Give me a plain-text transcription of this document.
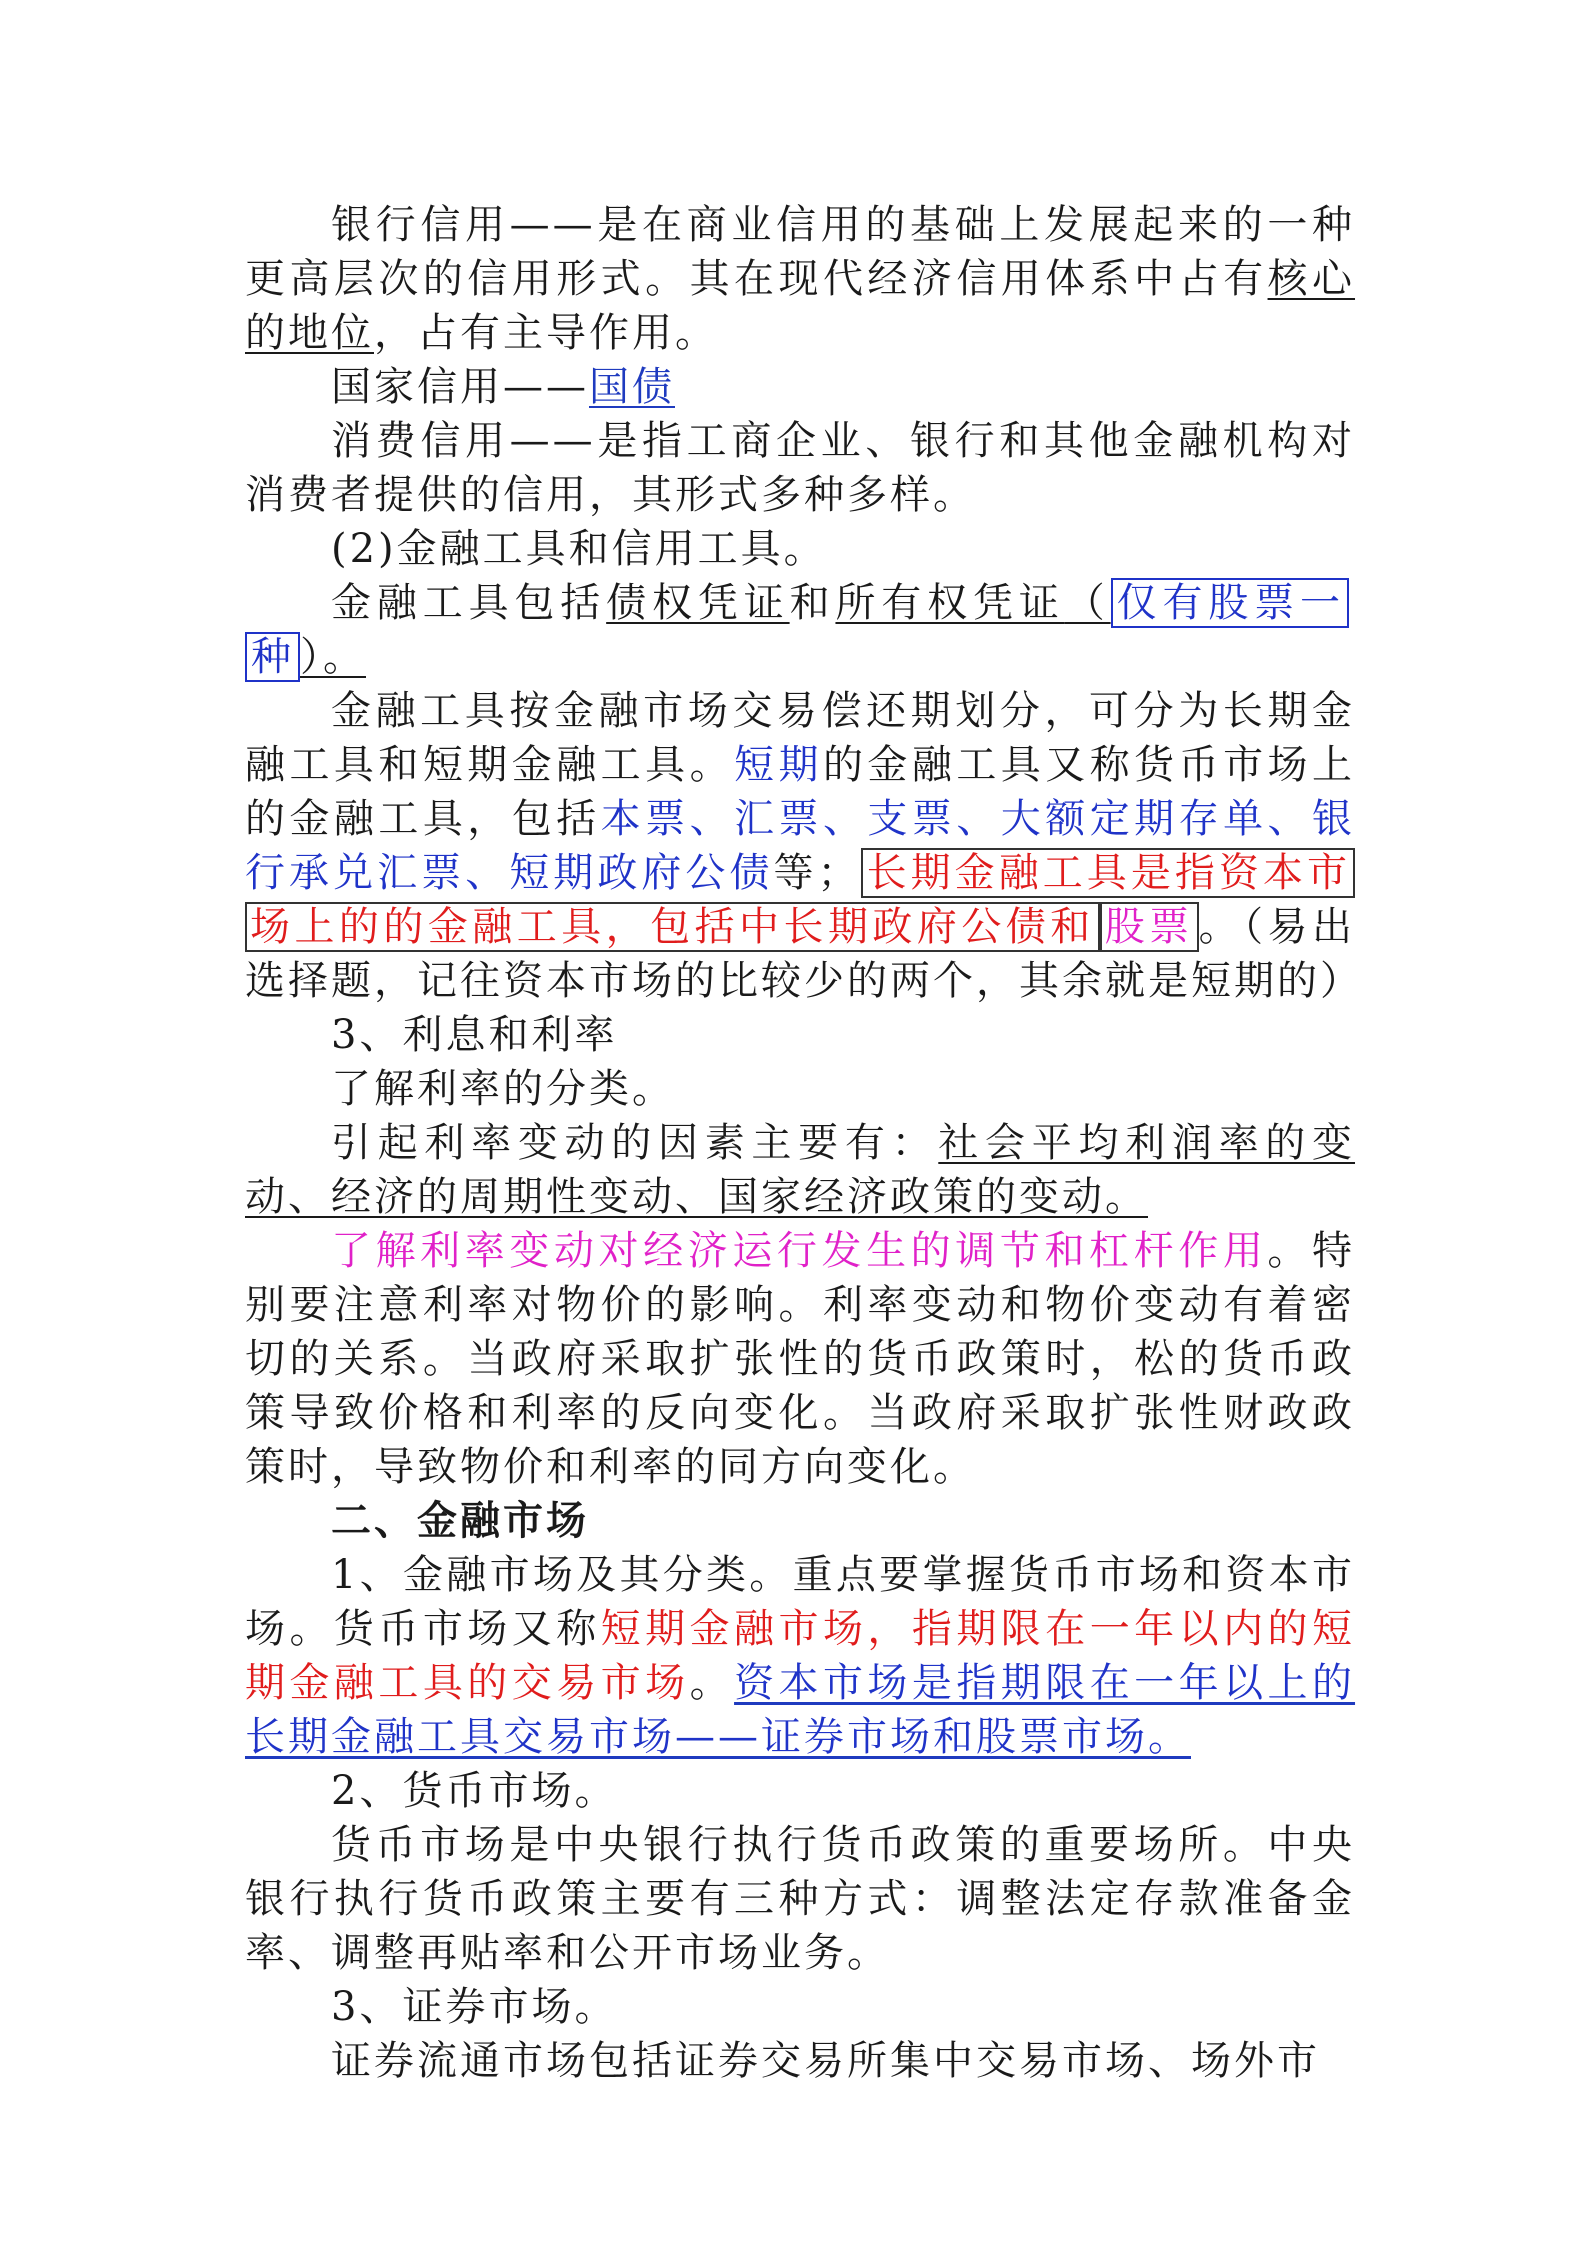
银行信用——是在商业信用的基础上发展起来的一种更高层次的信用形式。其在现代经济信用体系中占有核心的地位，占有主导作用。

国家信用——国债

消费信用——是指工商企业、银行和其他金融机构对消费者提供的信用，其形式多种多样。

(2)金融工具和信用工具。

金融工具包括债权凭证和所有权凭证（ 仅有股票一种 ）。

金融工具按金融市场交易偿还期划分，可分为长期金融工具和短期金融工具。短期的金融工具又称货币市场上的金融工具，包括本票、汇票、支票、大额定期存单、银行承兑汇票、短期政府公债等； 长期金融工具是指资本市场上的的金融工具，包括中长期政府公债和 股票 。（易出选择题，记往资本市场的比较少的两个，其余就是短期的）

3、利息和利率

了解利率的分类。

引起利率变动的因素主要有：社会平均利润率的变动、经济的周期性变动、国家经济政策的变动。

了解利率变动对经济运行发生的调节和杠杆作用。特别要注意利率对物价的影响。利率变动和物价变动有着密切的关系。当政府采取扩张性的货币政策时，松的货币政策导致价格和利率的反向变化。当政府采取扩张性财政政策时，导致物价和利率的同方向变化。

二、金融市场

1、金融市场及其分类。重点要掌握货币市场和资本市场。货币市场又称短期金融市场，指期限在一年以内的短期金融工具的交易市场。资本市场是指期限在一年以上的长期金融工具交易市场——证券市场和股票市场。

2、货币市场。

货币市场是中央银行执行货币政策的重要场所。中央银行执行货币政策主要有三种方式：调整法定存款准备金率、调整再贴率和公开市场业务。

3、证券市场。

证券流通市场包括证券交易所集中交易市场、场外市
